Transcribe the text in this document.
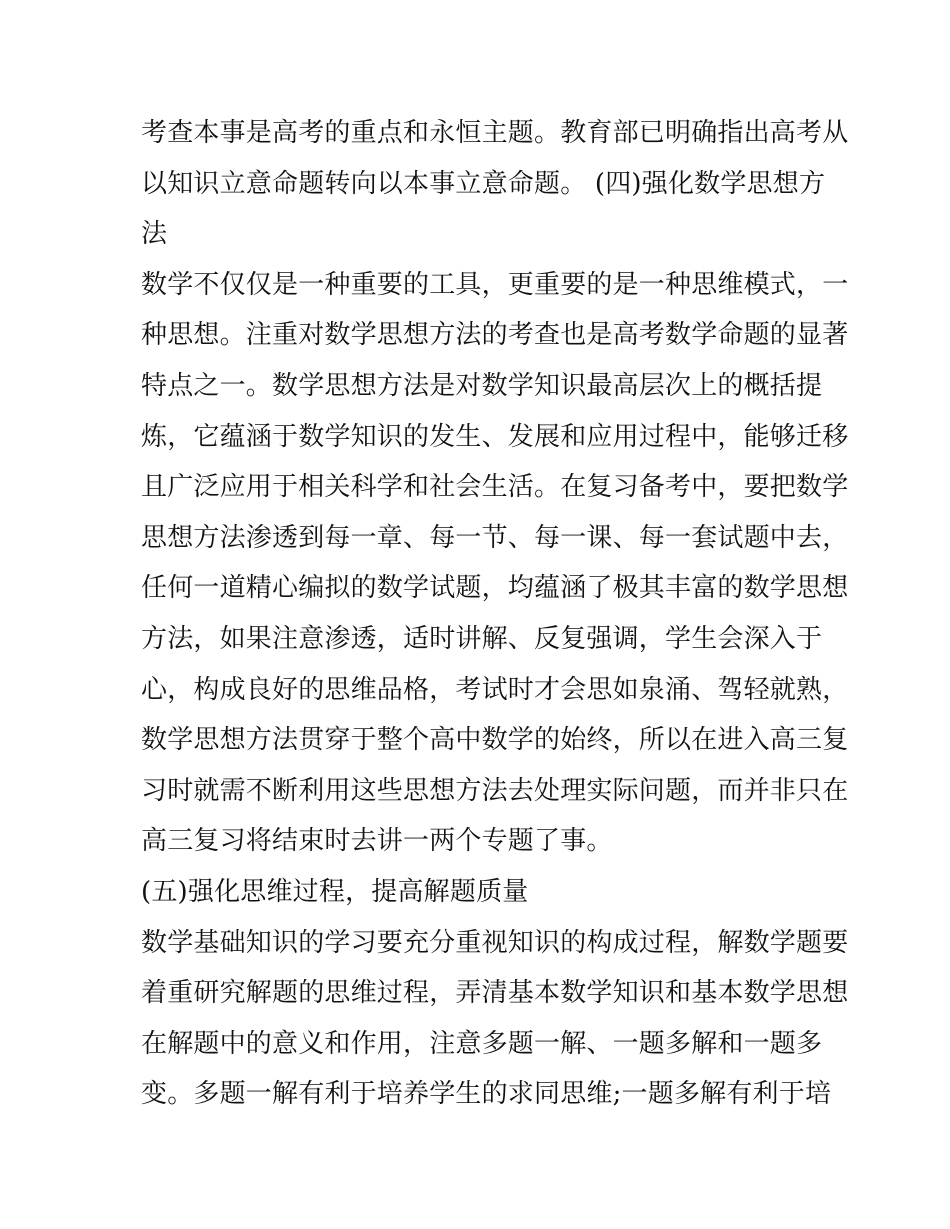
考查本事是高考的重点和永恒主题。教育部已明确指出高考从
以知识立意命题转向以本事立意命题。 (四)强化数学思想方
法
数学不仅仅是一种重要的工具，更重要的是一种思维模式，一
种思想。注重对数学思想方法的考查也是高考数学命题的显著
特点之一。数学思想方法是对数学知识最高层次上的概括提
炼，它蕴涵于数学知识的发生、发展和应用过程中，能够迁移
且广泛应用于相关科学和社会生活。在复习备考中，要把数学
思想方法渗透到每一章、每一节、每一课、每一套试题中去，
任何一道精心编拟的数学试题，均蕴涵了极其丰富的数学思想
方法，如果注意渗透，适时讲解、反复强调，学生会深入于
心，构成良好的思维品格，考试时才会思如泉涌、驾轻就熟，
数学思想方法贯穿于整个高中数学的始终，所以在进入高三复
习时就需不断利用这些思想方法去处理实际问题，而并非只在
高三复习将结束时去讲一两个专题了事。
(五)强化思维过程，提高解题质量
数学基础知识的学习要充分重视知识的构成过程，解数学题要
着重研究解题的思维过程，弄清基本数学知识和基本数学思想
在解题中的意义和作用，注意多题一解、一题多解和一题多
变。多题一解有利于培养学生的求同思维;一题多解有利于培
